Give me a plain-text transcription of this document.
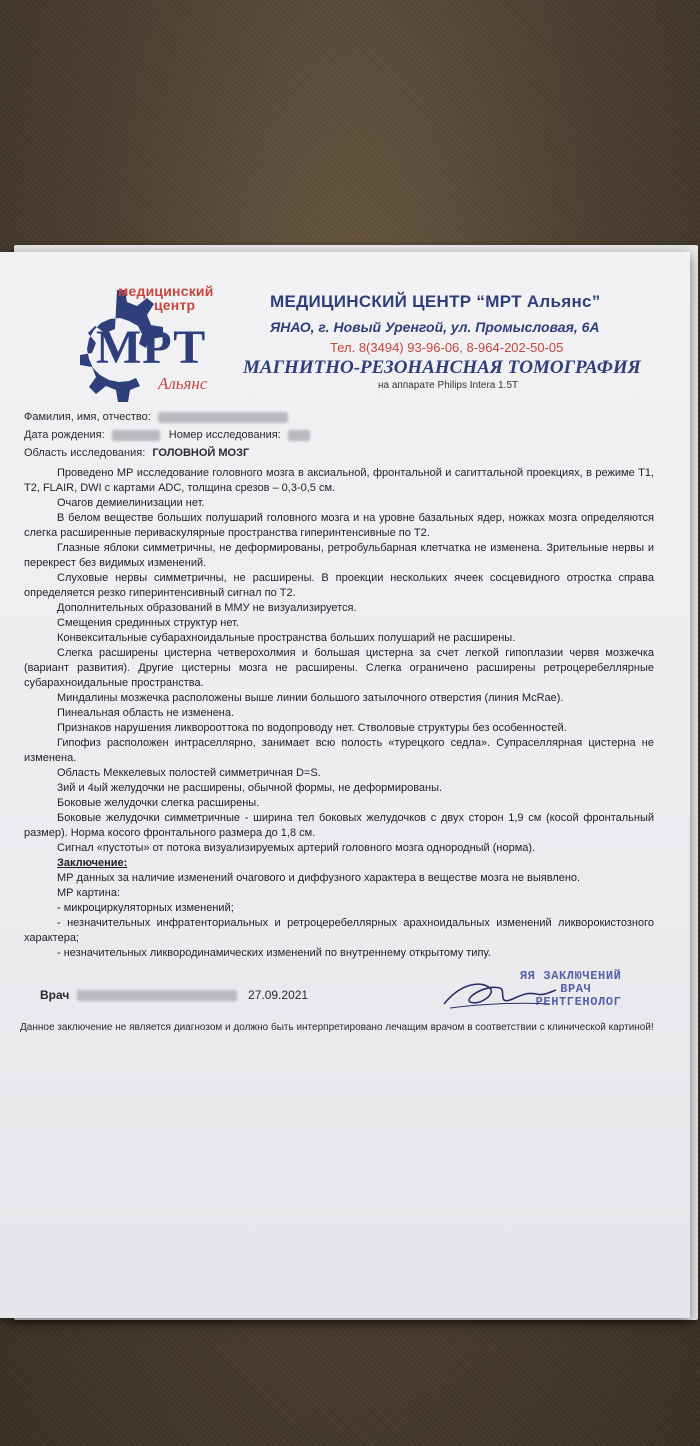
медицинский
центр
МРТ
Альянс
МЕДИЦИНСКИЙ ЦЕНТР “МРТ Альянс”
ЯНАО, г. Новый Уренгой, ул. Промысловая, 6А
Тел. 8(3494) 93-96-06, 8-964-202-50-05
МАГНИТНО-РЕЗОНАНСНАЯ ТОМОГРАФИЯ
на аппарате Philips Intera 1.5T
Фамилия, имя, отчество:
Дата рождения:	Номер исследования:
Область исследования: ГОЛОВНОЙ МОЗГ

Проведено МР исследование головного мозга в аксиальной, фронтальной и сагиттальной проекциях, в режиме Т1, Т2, FLAIR, DWI с картами ADC, толщина срезов – 0,3-0,5 см.

Очагов демиелинизации нет.

В белом веществе больших полушарий головного мозга и на уровне базальных ядер, ножках мозга определяются слегка расширенные периваскулярные пространства гиперинтенсивные по Т2.

Глазные яблоки симметричны, не деформированы, ретробульбарная клетчатка не изменена. Зрительные нервы и перекрест без видимых изменений.

Слуховые нервы симметричны, не расширены. В проекции нескольких ячеек сосцевидного отростка справа определяется резко гиперинтенсивный сигнал по Т2.

Дополнительных образований в ММУ не визуализируется.

Смещения срединных структур нет.

Конвекситальные субарахноидальные пространства больших полушарий не расширены.

Слегка расширены цистерна четверохолмия и большая цистерна за счет легкой гипоплазии червя мозжечка (вариант развития). Другие цистерны мозга не расширены. Слегка ограничено расширены ретроцеребеллярные субарахноидальные пространства.

Миндалины мозжечка расположены выше линии большого затылочного отверстия (линия McRae).

Пинеальная область не изменена.

Признаков нарушения ликворооттока по водопроводу нет. Стволовые структуры без особенностей.

Гипофиз расположен интраселлярно, занимает всю полость «турецкого седла». Супраселлярная цистерна не изменена.

Область Меккелевых полостей симметричная D=S.

3ий и 4ый желудочки не расширены, обычной формы, не деформированы.

Боковые желудочки слегка расширены.

Боковые желудочки симметричные - ширина тел боковых желудочков с двух сторон 1,9 см (косой фронтальный размер). Норма косого фронтального размера до 1,8 см.

Сигнал «пустоты» от потока визуализируемых артерий головного мозга однородный (норма).

Заключение:

МР данных за наличие изменений очагового и диффузного характера в веществе мозга не выявлено.

МР картина:

- микроциркуляторных изменений;

- незначительных инфратенториальных и ретроцеребеллярных арахноидальных изменений ликворокистозного характера;

- незначительных ликвородинамических изменений по внутреннему открытому типу.

Врач	27.09.2021
ЯЯ ЗАКЛЮЧЕНИЙ
ВРАЧ
РЕНТГЕНОЛОГ
Данное заключение не является диагнозом и должно быть интерпретировано лечащим врачом в соответствии с клинической картиной!
